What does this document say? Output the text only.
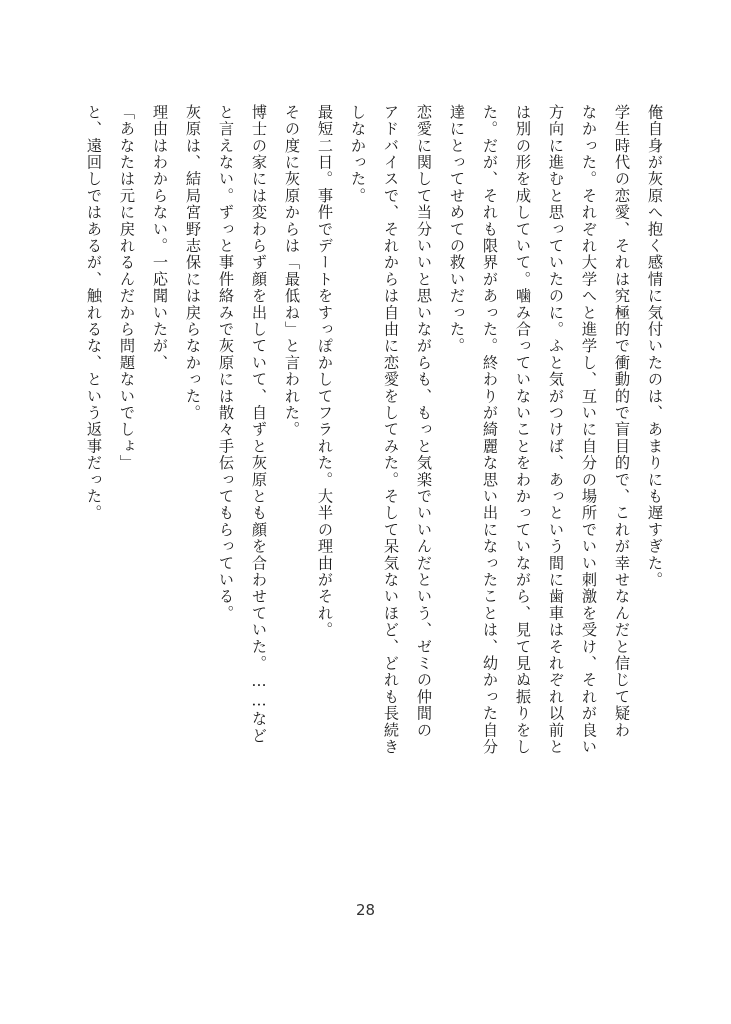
俺自身が灰原へ抱く感情に気付いたのは、あまりにも遅すぎた。
学生時代の恋愛、それは究極的で衝動的で盲目的で、これが幸せなんだと信じて疑わ
なかった。それぞれ大学へと進学し、互いに自分の場所でいい刺激を受け、それが良い
方向に進むと思っていたのに。ふと気がつけば、あっという間に歯車はそれぞれ以前と
は別の形を成していて。噛み合っていないことをわかっていながら、見て見ぬ振りをし
た。だが、それも限界があった。終わりが綺麗な思い出になったことは、幼かった自分
達にとってせめての救いだった。
恋愛に関して当分いいと思いながらも、もっと気楽でいいんだという、ゼミの仲間の
アドバイスで、それからは自由に恋愛をしてみた。そして呆気ないほど、どれも長続き
しなかった。
最短二日。事件でデートをすっぽかしてフラれた。大半の理由がそれ。
その度に灰原からは「最低ね」と言われた。
博士の家には変わらず顔を出していて、自ずと灰原とも顔を合わせていた。……など
と言えない。ずっと事件絡みで灰原には散々手伝ってもらっている。
灰原は、結局宮野志保には戻らなかった。
理由はわからない。一応聞いたが、
「あなたは元に戻れるんだから問題ないでしょ」
と、遠回しではあるが、触れるな、という返事だった。
28
